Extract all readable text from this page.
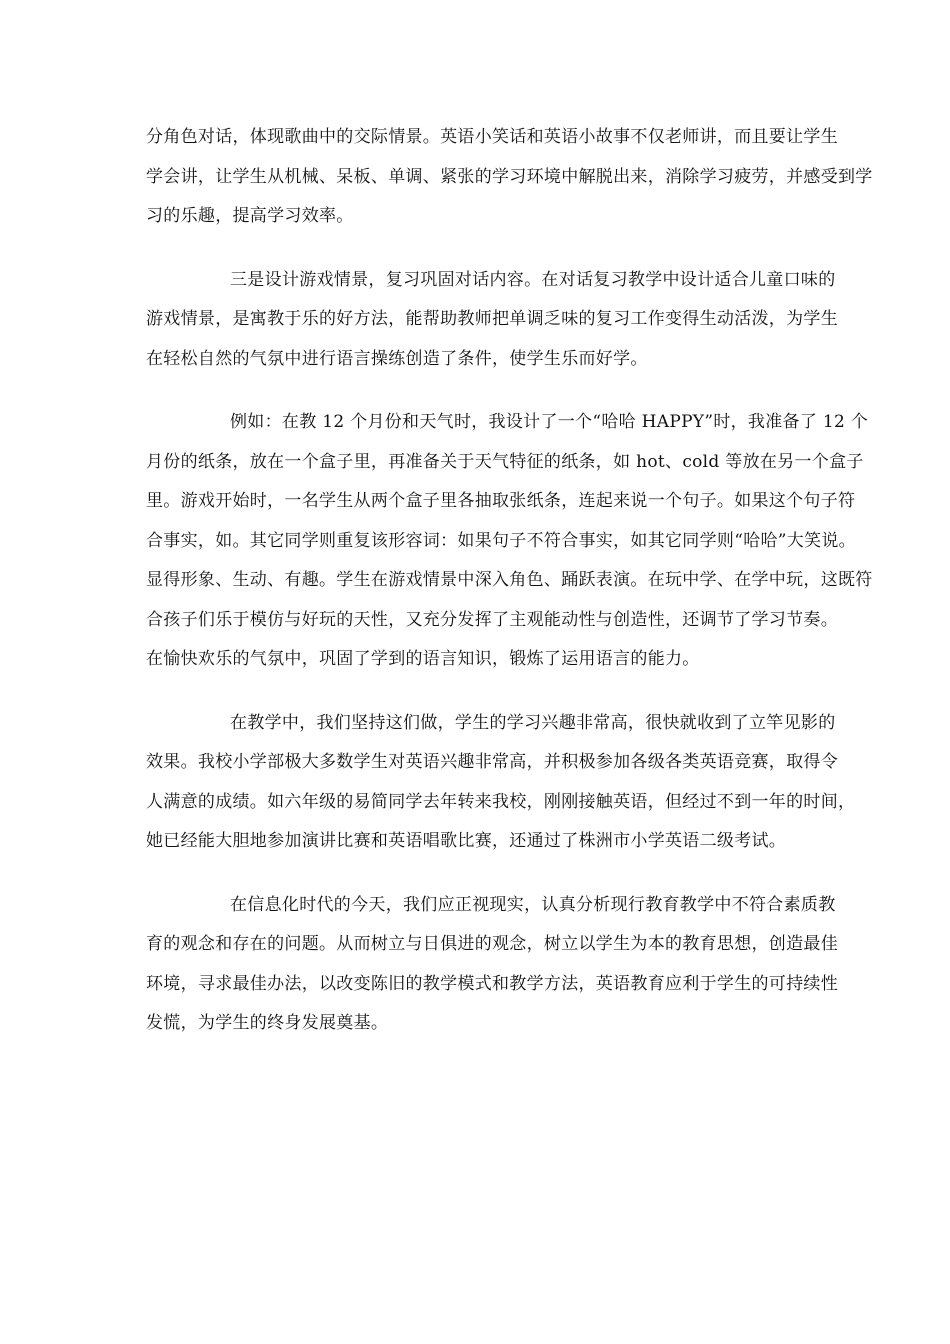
分角色对话，体现歌曲中的交际情景。英语小笑话和英语小故事不仅老师讲，而且要让学生
学会讲，让学生从机械、呆板、单调、紧张的学习环境中解脱出来，消除学习疲劳，并感受到学
习的乐趣，提高学习效率。

三是设计游戏情景，复习巩固对话内容。在对话复习教学中设计适合儿童口味的
游戏情景，是寓教于乐的好方法，能帮助教师把单调乏味的复习工作变得生动活泼，为学生
在轻松自然的气氛中进行语言操练创造了条件，使学生乐而好学。

例如：在教 12 个月份和天气时，我设计了一个“哈哈 HAPPY”时，我准备了 12 个
月份的纸条，放在一个盒子里，再准备关于天气特征的纸条，如 hot、cold 等放在另一个盒子
里。游戏开始时，一名学生从两个盒子里各抽取张纸条，连起来说一个句子。如果这个句子符
合事实，如。其它同学则重复该形容词：如果句子不符合事实，如其它同学则“哈哈”大笑说。
显得形象、生动、有趣。学生在游戏情景中深入角色、踊跃表演。在玩中学、在学中玩，这既符
合孩子们乐于模仿与好玩的天性，又充分发挥了主观能动性与创造性，还调节了学习节奏。
在愉快欢乐的气氛中，巩固了学到的语言知识，锻炼了运用语言的能力。

在教学中，我们坚持这们做，学生的学习兴趣非常高，很快就收到了立竿见影的
效果。我校小学部极大多数学生对英语兴趣非常高，并积极参加各级各类英语竞赛，取得令
人满意的成绩。如六年级的易简同学去年转来我校，刚刚接触英语，但经过不到一年的时间，
她已经能大胆地参加演讲比赛和英语唱歌比赛，还通过了株洲市小学英语二级考试。

在信息化时代的今天，我们应正视现实，认真分析现行教育教学中不符合素质教
育的观念和存在的问题。从而树立与日俱进的观念，树立以学生为本的教育思想，创造最佳
环境，寻求最佳办法，以改变陈旧的教学模式和教学方法，英语教育应利于学生的可持续性
发慌，为学生的终身发展奠基。
